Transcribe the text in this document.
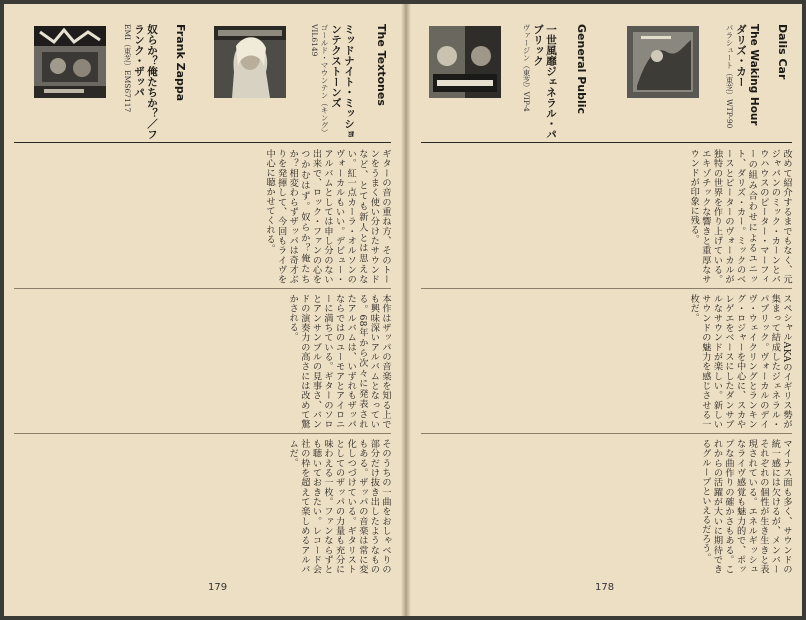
The Textones
ミッドナイト・ミッションテクストーンズ
ゴールド・マウンテン（キング）VIL6149
Frank Zappa
奴らか？俺たちか？／フランク・ザッパ
EMI（東芝）EMS67117
ギターの音の重ね方、そのトーンをうまく使い分けたサウンドなど、とても新人とは思えない。紅一点カーラ・オルソンのヴォーカルもいい。デビュー・アルバムとしては申し分のない出来で、ロック・ファンの心をつかむはず。奴らか？俺たちか？相変わらずザッパは奇才ぶりを発揮して、今回もライヴを中心に聴かせてくれる。
本作はザッパの音楽を知る上でも興味深いアルバムとなっている。68年から次々に発表されたアルバムは、いずれもザッパならではのユーモアとアイロニーに満ちている。ギターのソロとアンサンブルの見事さ、バンドの演奏力の高さには改めて驚かされる。
そのうちの一曲をおしゃべりの部分だけ抜き出したようなものもある。ザッパの音楽は常に変化しつづけている。ギタリストとしてのザッパの力量も充分に味わえる一枚。ファンならずとも聴いておきたい。レコード会社の枠を超えて楽しめるアルバムだ。
179
Dalis Car
The Waking Hour　ダリズ・カー
パラシュート（東芝）WTP-90
General Public
一世風靡ジェネラル・パブリック
ヴァージン（東芝）VIP-4
改めて紹介するまでもなく、元ジャパンのミック・カーンとバウハウスのピーター・マーフィーの組み合わせによるユニット、ダリズ・カー。ミックのベースとピーターのヴォーカルが独特の世界を作り上げている。エキゾチックな響きと重厚なサウンドが印象に残る。
スペシャルAKAのイギリス勢が集まって結成したジェネラル・パブリック。ヴォーカルのデイヴ・ウェイクリングとランキング・ロジャーを中心に、スカやレゲエをベースにしたダンサブルなサウンドが楽しい。新しいサウンドの魅力を感じさせる一枚だ。
マイナス面も多く、サウンドの統一感には欠けるが、メンバーそれぞれの個性が生き生きと表現されている。エネルギッシュなライヴ感覚も魅力的で、ポップな曲作りの確かさもある。これからの活躍が大いに期待できるグループといえるだろう。
178
